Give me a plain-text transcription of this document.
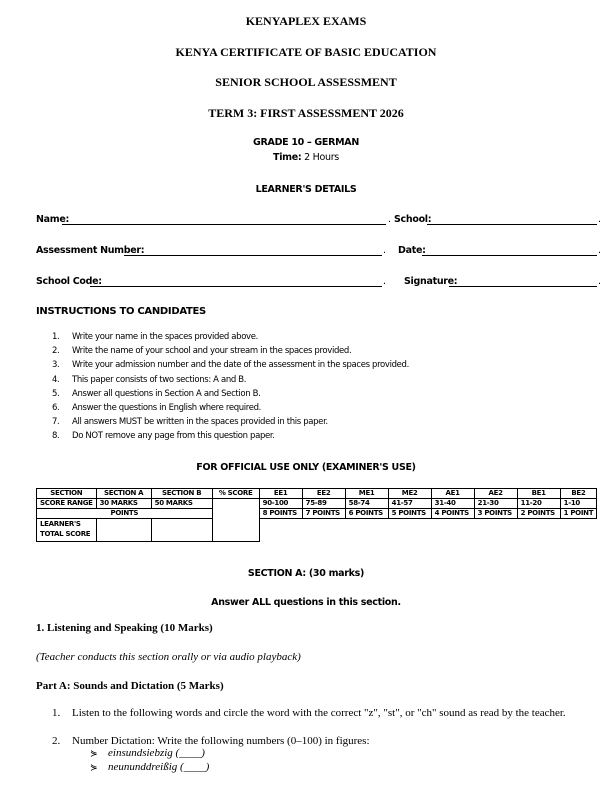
KENYAPLEX EXAMS
KENYA CERTIFICATE OF BASIC EDUCATION
SENIOR SCHOOL ASSESSMENT
TERM 3: FIRST ASSESSMENT 2026
GRADE 10 – GERMAN
Time: 2 Hours
LEARNER'S DETAILS
Name:	. School:	.
Assessment Number:	. Date:	.
School Code:	. Signature:	.
INSTRUCTIONS TO CANDIDATES
1. Write your name in the spaces provided above.
2. Write the name of your school and your stream in the spaces provided.
3. Write your admission number and the date of the assessment in the spaces provided.
4. This paper consists of two sections: A and B.
5. Answer all questions in Section A and Section B.
6. Answer the questions in English where required.
7. All answers MUST be written in the spaces provided in this paper.
8. Do NOT remove any page from this question paper.
FOR OFFICIAL USE ONLY (EXAMINER'S USE)
SECTION	SECTION A	SECTION B	% SCORE	EE1	EE2	ME1	ME2	AE1	AE2	BE1	BE2
SCORE RANGE	30 MARKS	50 MARKS		90-100	75-89	58-74	41-57	31-40	21-30	11-20	1-10
POINTS				8 POINTS	7 POINTS	6 POINTS	5 POINTS	4 POINTS	3 POINTS	2 POINTS	1 POINT
LEARNER'S
TOTAL SCORE											
SECTION A: (30 marks)
Answer ALL questions in this section.
1. Listening and Speaking (10 Marks)
(Teacher conducts this section orally or via audio playback)
Part A: Sounds and Dictation (5 Marks)
1. Listen to the following words and circle the word with the correct "z", "st", or "ch" sound as read by the teacher.
2. Number Dictation: Write the following numbers (0–100) in figures:
⋟ einsundsiebzig (____)
⋟ neununddreißig (____)
